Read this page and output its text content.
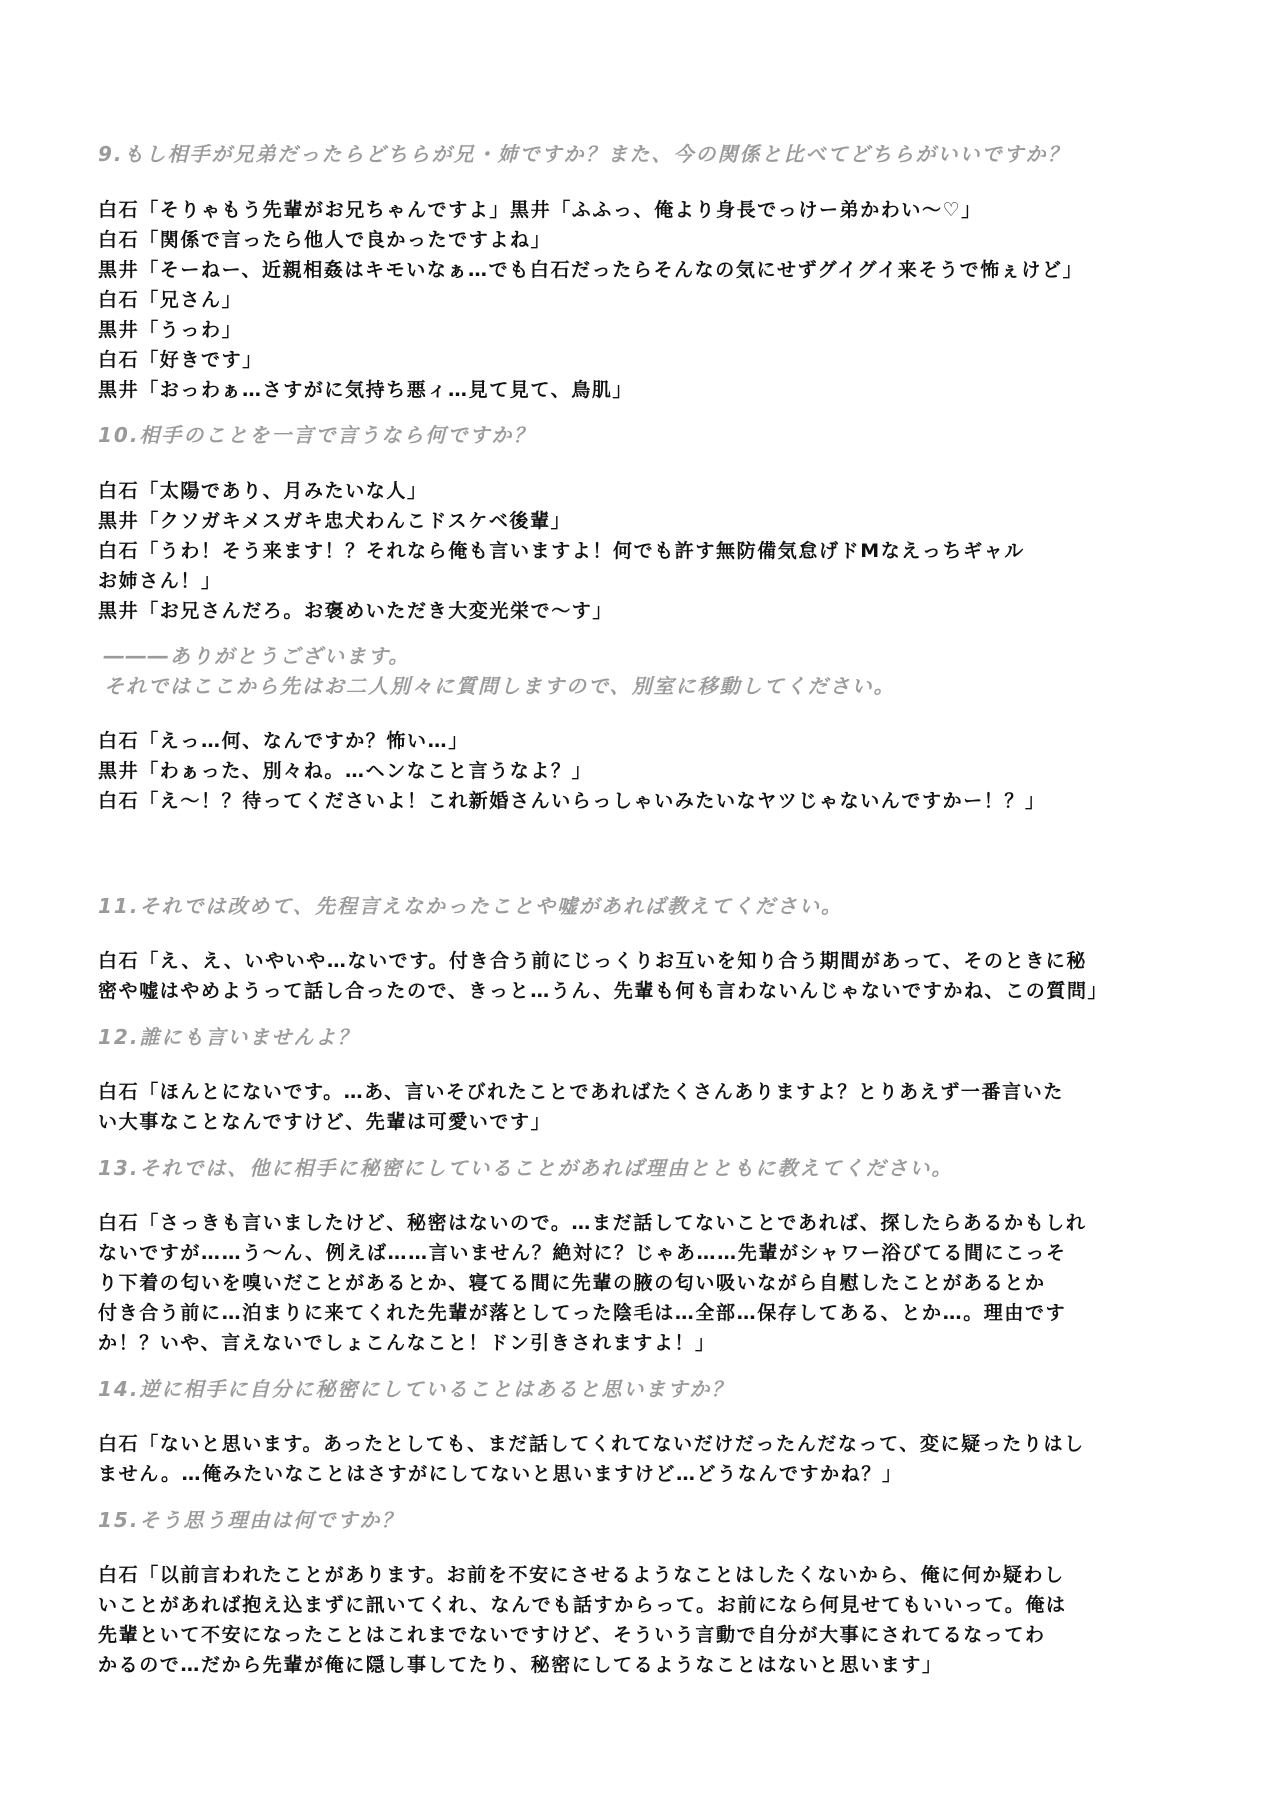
9.もし相手が兄弟だったらどちらが兄・姉ですか？また、今の関係と比べてどちらがいいですか？
白石「そりゃもう先輩がお兄ちゃんですよ」黒井「ふふっ、俺より身長でっけー弟かわい〜♡」
白石「関係で言ったら他人で良かったですよね」
黒井「そーねー、近親相姦はキモいなぁ…でも白石だったらそんなの気にせずグイグイ来そうで怖ぇけど」
白石「兄さん」
黒井「うっわ」
白石「好きです」
黒井「おっわぁ…さすがに気持ち悪ィ…見て見て、鳥肌」
10.相手のことを一言で言うなら何ですか？
白石「太陽であり、月みたいな人」
黒井「クソガキメスガキ忠犬わんこドスケベ後輩」
白石「うわ！そう来ます！？それなら俺も言いますよ！何でも許す無防備気怠げドMなえっちギャル
お姉さん！」
黒井「お兄さんだろ。お褒めいただき大変光栄で〜す」
―――ありがとうございます。
それではここから先はお二人別々に質問しますので、別室に移動してください。
白石「えっ…何、なんですか？怖い…」
黒井「わぁった、別々ね。…ヘンなこと言うなよ？」
白石「え〜！？待ってくださいよ！これ新婚さんいらっしゃいみたいなヤツじゃないんですかー！？」
11.それでは改めて、先程言えなかったことや嘘があれば教えてください。
白石「え、え、いやいや…ないです。付き合う前にじっくりお互いを知り合う期間があって、そのときに秘
密や嘘はやめようって話し合ったので、きっと…うん、先輩も何も言わないんじゃないですかね、この質問」
12.誰にも言いませんよ？
白石「ほんとにないです。…あ、言いそびれたことであればたくさんありますよ？とりあえず一番言いた
い大事なことなんですけど、先輩は可愛いです」
13.それでは、他に相手に秘密にしていることがあれば理由とともに教えてください。
白石「さっきも言いましたけど、秘密はないので。…まだ話してないことであれば、探したらあるかもしれ
ないですが……う〜ん、例えば……言いません？絶対に？じゃあ……先輩がシャワー浴びてる間にこっそ
り下着の匂いを嗅いだことがあるとか、寝てる間に先輩の腋の匂い吸いながら自慰したことがあるとか
付き合う前に…泊まりに来てくれた先輩が落としてった陰毛は…全部…保存してある、とか…。理由です
か！？いや、言えないでしょこんなこと！ドン引きされますよ！」
14.逆に相手に自分に秘密にしていることはあると思いますか？
白石「ないと思います。あったとしても、まだ話してくれてないだけだったんだなって、変に疑ったりはし
ません。…俺みたいなことはさすがにしてないと思いますけど…どうなんですかね？」
15.そう思う理由は何ですか？
白石「以前言われたことがあります。お前を不安にさせるようなことはしたくないから、俺に何か疑わし
いことがあれば抱え込まずに訊いてくれ、なんでも話すからって。お前になら何見せてもいいって。俺は
先輩といて不安になったことはこれまでないですけど、そういう言動で自分が大事にされてるなってわ
かるので…だから先輩が俺に隠し事してたり、秘密にしてるようなことはないと思います」
